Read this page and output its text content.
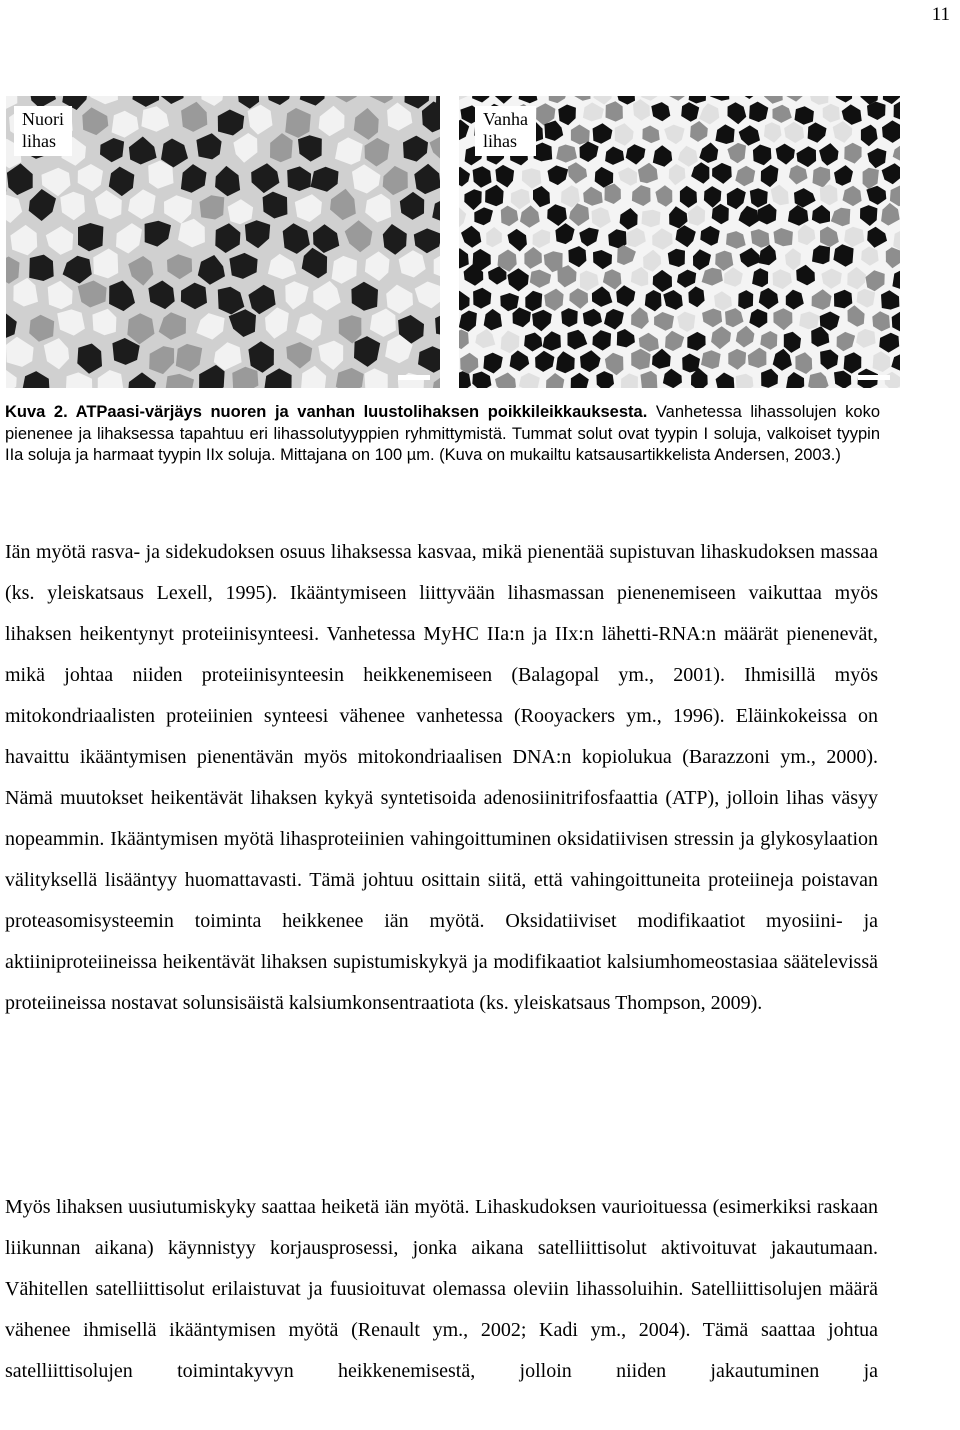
11
Nuori
lihas
Vanha
lihas
Kuva 2. ATPaasi-värjäys nuoren ja vanhan luustolihaksen poikkileikkauksesta. Vanhetessa lihassolujen koko pienenee ja lihaksessa tapahtuu eri lihassolutyyppien ryhmittymistä. Tummat solut ovat tyypin I soluja, valkoiset tyypin IIa soluja ja harmaat tyypin IIx soluja. Mittajana on 100 µm. (Kuva on mukailtu katsausartikkelista Andersen, 2003.)

Iän myötä rasva- ja sidekudoksen osuus lihaksessa kasvaa, mikä pienentää supistuvan lihaskudoksen massaa (ks. yleiskatsaus Lexell, 1995). Ikääntymiseen liittyvään lihasmassan pienenemiseen vaikuttaa myös lihaksen heikentynyt proteiinisynteesi. Vanhetessa MyHC IIa:n ja IIx:n lähetti-RNA:n määrät pienenevät, mikä johtaa niiden proteiinisynteesin heikkenemiseen (Balagopal ym., 2001). Ihmisillä myös mitokondriaalisten proteiinien synteesi vähenee vanhetessa (Rooyackers ym., 1996). Eläinkokeissa on havaittu ikääntymisen pienentävän myös mitokondriaalisen DNA:n kopiolukua (Barazzoni ym., 2000). Nämä muutokset heikentävät lihaksen kykyä syntetisoida adenosiinitrifosfaattia (ATP), jolloin lihas väsyy nopeammin. Ikääntymisen myötä lihasproteiinien vahingoittuminen oksidatiivisen stressin ja glykosylaation välityksellä lisääntyy huomattavasti. Tämä johtuu osittain siitä, että vahingoittuneita proteiineja poistavan proteasomisysteemin toiminta heikkenee iän myötä. Oksidatiiviset modifikaatiot myosiini- ja aktiiniproteiineissa heikentävät lihaksen supistumiskykyä ja modifikaatiot kalsiumhomeostasiaa säätelevissä proteiineissa nostavat solunsisäistä kalsiumkonsentraatiota (ks. yleiskatsaus Thompson, 2009).

Myös lihaksen uusiutumiskyky saattaa heiketä iän myötä. Lihaskudoksen vaurioituessa (esimerkiksi raskaan liikunnan aikana) käynnistyy korjausprosessi, jonka aikana satelliittisolut aktivoituvat jakautumaan. Vähitellen satelliittisolut erilaistuvat ja fuusioituvat olemassa oleviin lihassoluihin. Satelliittisolujen määrä vähenee ihmisellä ikääntymisen myötä (Renault ym., 2002; Kadi ym., 2004). Tämä saattaa johtua satelliittisolujen toimintakyvyn heikkenemisestä, jolloin niiden jakautuminen ja
